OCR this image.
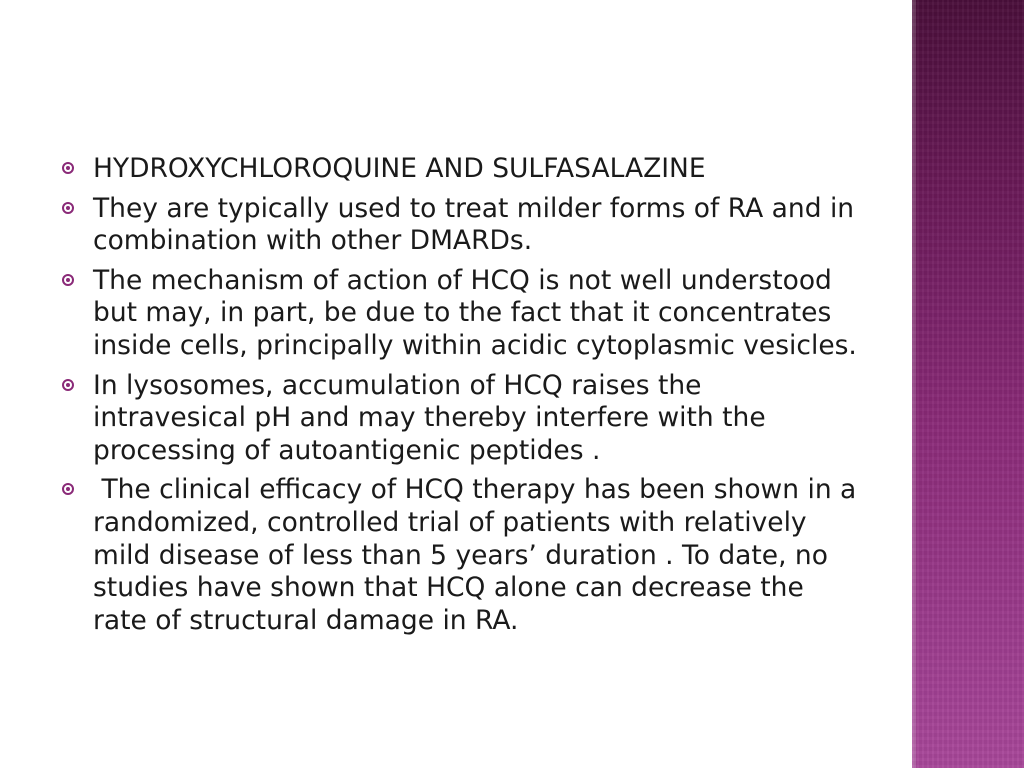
HYDROXYCHLOROQUINE AND SULFASALAZINE
They are typically used to treat milder forms of RA and in combination with other DMARDs.
The mechanism of action of HCQ is not well understood but may, in part, be due to the fact that it concentrates inside cells, principally within acidic cytoplasmic vesicles.
In lysosomes, accumulation of HCQ raises the intravesical pH and may thereby interfere with the processing of autoantigenic peptides .
The clinical efficacy of HCQ therapy has been shown in a randomized, controlled trial of patients with relatively mild disease of less than 5 years’ duration . To date, no studies have shown that HCQ alone can decrease the rate of structural damage in RA.
